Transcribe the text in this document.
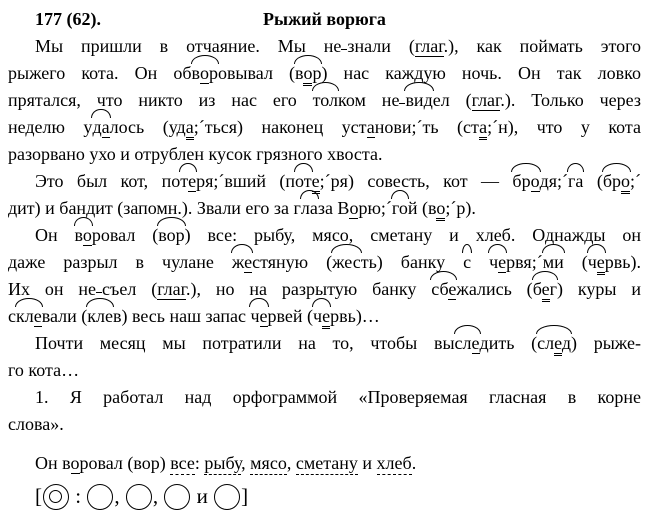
177 (62).	Рыжий ворюга
Мы пришли в отчаяние. Мы не знали (глаг.), как поймать этого
рыжего кота. Он обворовывал (вор) нас каждую ночь. Он так ловко
прятался, что никто из нас его толком не видел (глаг.). Только через
неделю удалось (уда;´ться) наконец установи;´ть (ста;´н), что у кота
разорвано ухо и отрублен кусок грязного хвоста.
Это был кот, потеря;´вший (поте;´ря) совесть, кот — бродя;´га (бро;´
дит) и бандит (запомн.). Звали его за глаза Ворю;´гой (во;´р).
Он воровал (вор) все: рыбу, мясо, сметану и хлеб. Однажды он
даже разрыл в чулане жестяную (жесть) банку с червя;´ми (червь).
Их он не съел (глаг.), но на разрытую банку сбежались (бег) куры и
склевали (клев) весь наш запас червей (червь)…
Почти месяц мы потратили на то, чтобы выследить (след) рыже-
го кота…
1. Я работал над орфограммой «Проверяемая гласная в корне
слова».
Он воровал (вор) все: рыбу, мясо, сметану и хлеб.
[ : , ,  и ]
